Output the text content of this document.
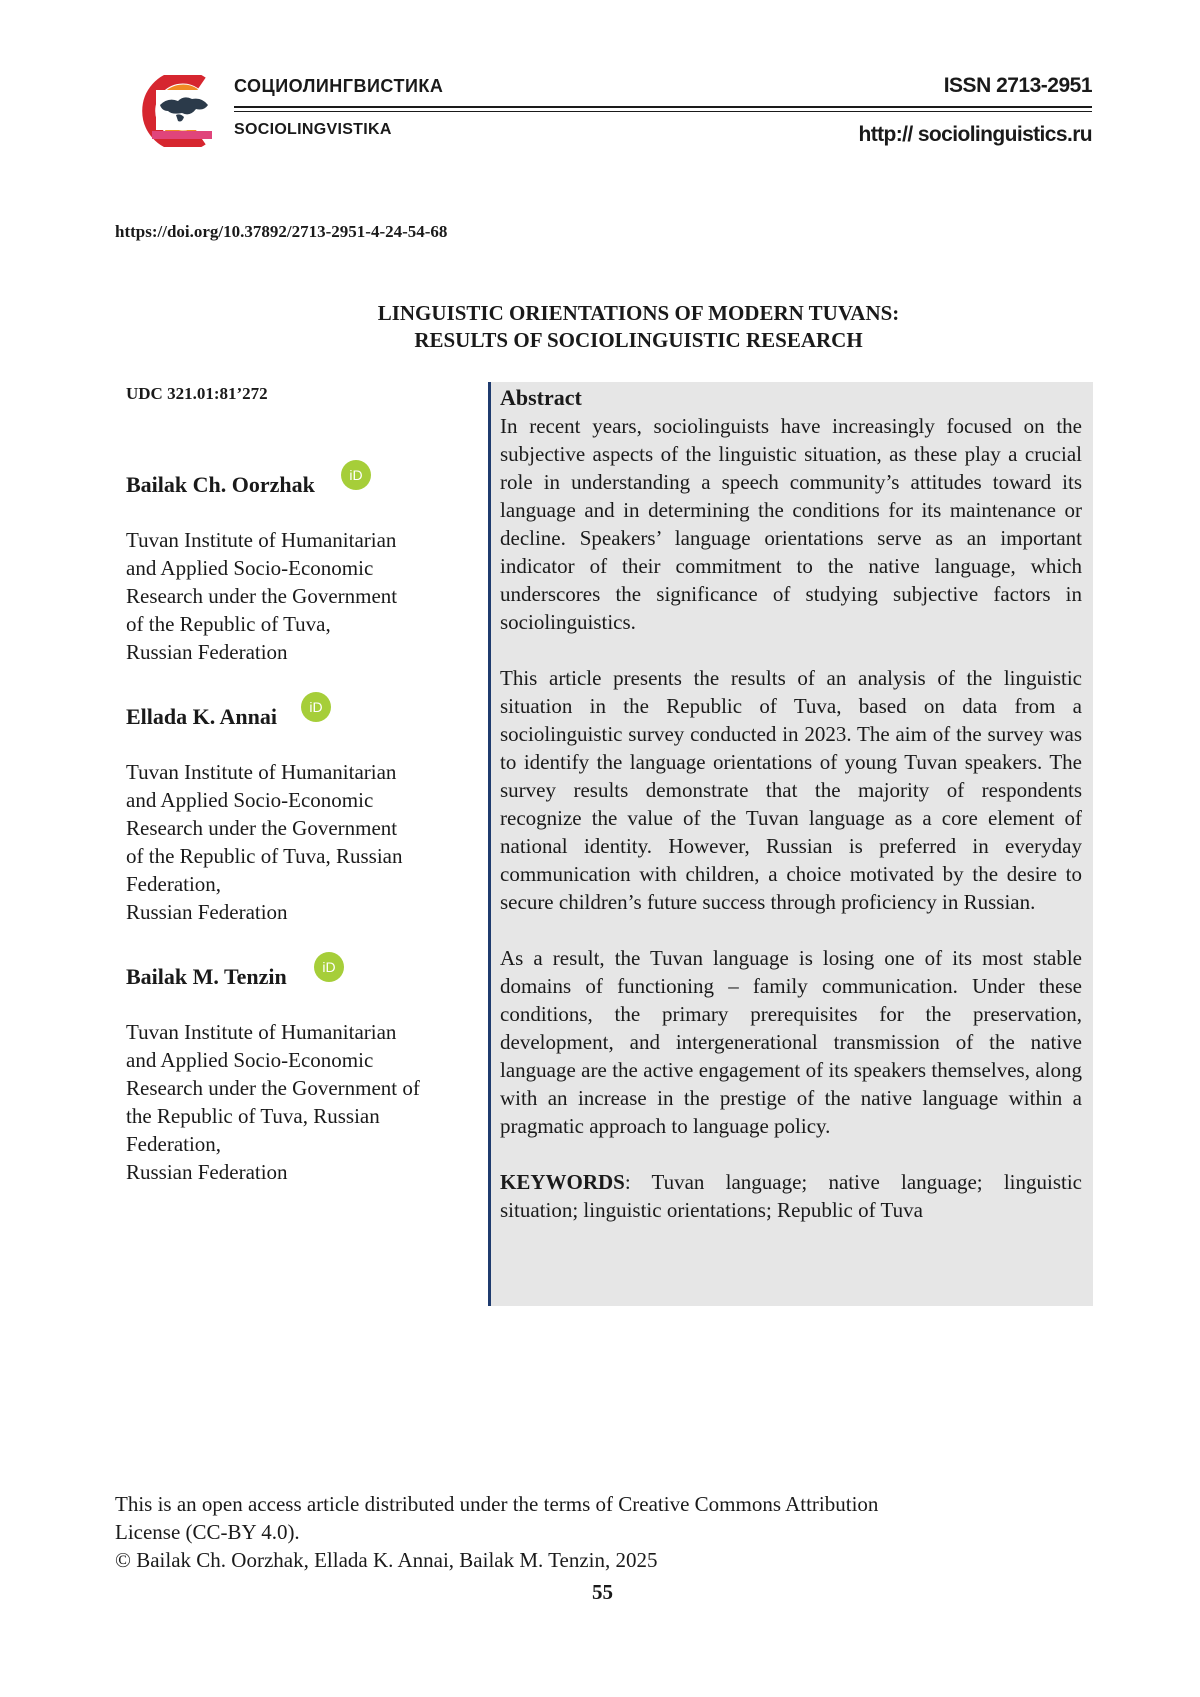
СОЦИОЛИНГВИСТИКА
SOCIOLINGVISTIKA
ISSN 2713-2951
http:// sociolinguistics.ru
https://doi.org/10.37892/2713-2951-4-24-54-68
LINGUISTIC ORIENTATIONS OF MODERN TUVANS:
RESULTS OF SOCIOLINGUISTIC RESEARCH
UDC 321.01:81’272
Bailak Ch. Oorzhak iD
Tuvan Institute of Humanitarian
and Applied Socio-Economic
Research under the Government
of the Republic of Tuva,
Russian Federation
Ellada K. Annai iD
Tuvan Institute of Humanitarian
and Applied Socio-Economic
Research under the Government
of the Republic of Tuva, Russian
Federation,
Russian Federation
Bailak M. Tenzin	iD
Tuvan Institute of Humanitarian
and Applied Socio-Economic
Research under the Government of
the Republic of Tuva, Russian
Federation,
Russian Federation
Abstract

In recent years, sociolinguists have increasingly focused on the subjective aspects of the linguistic situation, as these play a crucial role in understanding a speech community’s attitudes toward its language and in determining the conditions for its maintenance or decline. Speakers’ language orientations serve as an important indicator of their commitment to the native language, which underscores the significance of studying subjective factors in sociolinguistics.

This article presents the results of an analysis of the linguistic situation in the Republic of Tuva, based on data from a sociolinguistic survey conducted in 2023. The aim of the survey was to identify the language orientations of young Tuvan speakers. The survey results demonstrate that the majority of respondents recognize the value of the Tuvan language as a core element of national identity. However, Russian is preferred in everyday communication with children, a choice motivated by the desire to secure children’s future success through proficiency in Russian.

As a result, the Tuvan language is losing one of its most stable domains of functioning – family communication. Under these conditions, the primary prerequisites for the preservation, development, and intergenerational transmission of the native language are the active engagement of its speakers themselves, along with an increase in the prestige of the native language within a pragmatic approach to language policy.

KEYWORDS: Tuvan language; native language; linguistic situation; linguistic orientations; Republic of Tuva

This is an open access article distributed under the terms of Creative Commons Attribution
License (CC-BY 4.0).
© Bailak Ch. Oorzhak, Ellada K. Annai, Bailak M. Tenzin, 2025
55
